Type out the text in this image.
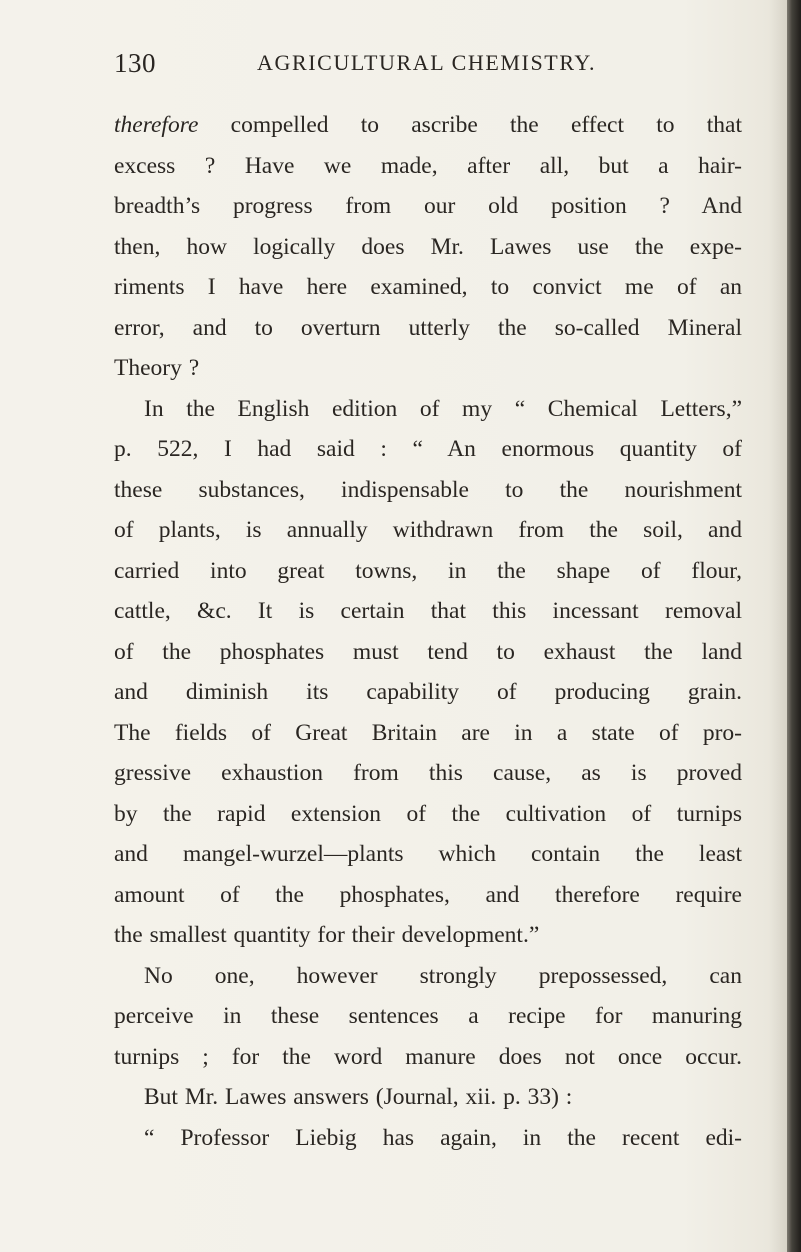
130	AGRICULTURAL CHEMISTRY.
therefore compelled to ascribe the effect to that
excess ? Have we made, after all, but a hair-
breadth’s progress from our old position ? And
then, how logically does Mr. Lawes use the expe-
riments I have here examined, to convict me of an
error, and to overturn utterly the so-called Mineral
Theory ?
In the English edition of my “ Chemical Letters,”
p. 522, I had said : “ An enormous quantity of
these substances, indispensable to the nourishment
of plants, is annually withdrawn from the soil, and
carried into great towns, in the shape of flour,
cattle, &c. It is certain that this incessant removal
of the phosphates must tend to exhaust the land
and diminish its capability of producing grain.
The fields of Great Britain are in a state of pro-
gressive exhaustion from this cause, as is proved
by the rapid extension of the cultivation of turnips
and mangel-wurzel—plants which contain the least
amount of the phosphates, and therefore require
the smallest quantity for their development.”
No one, however strongly prepossessed, can
perceive in these sentences a recipe for manuring
turnips ; for the word manure does not once occur.
But Mr. Lawes answers (Journal, xii. p. 33) :
“ Professor Liebig has again, in the recent edi-
